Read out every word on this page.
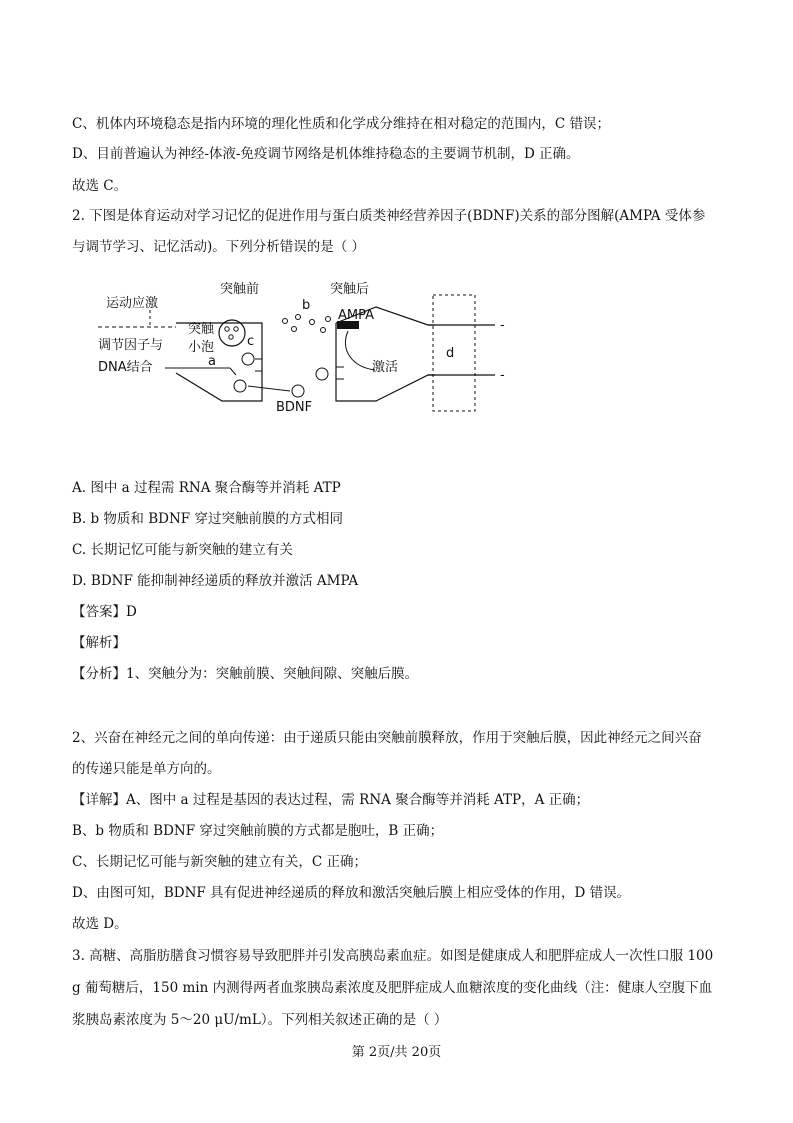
C、机体内环境稳态是指内环境的理化性质和化学成分维持在相对稳定的范围内，C 错误；
D、目前普遍认为神经-体液-免疫调节网络是机体维持稳态的主要调节机制，D 正确。
故选 C。
2. 下图是体育运动对学习记忆的促进作用与蛋白质类神经营养因子(BDNF)关系的部分图解(AMPA 受体参
与调节学习、记忆活动)。下列分析错误的是（ ）
运动应激
突触前	突触后
b
突触
小泡	c
调节因子与
DNA结合	a
AMPA
激活
d
BDNF
-
-
A. 图中 a 过程需 RNA 聚合酶等并消耗 ATP
B. b 物质和 BDNF 穿过突触前膜的方式相同
C. 长期记忆可能与新突触的建立有关
D. BDNF 能抑制神经递质的释放并激活 AMPA
【答案】D
【解析】
【分析】1、突触分为：突触前膜、突触间隙、突触后膜。
2、兴奋在神经元之间的单向传递：由于递质只能由突触前膜释放，作用于突触后膜，因此神经元之间兴奋
的传递只能是单方向的。
【详解】A、图中 a 过程是基因的表达过程，需 RNA 聚合酶等并消耗 ATP，A 正确；
B、b 物质和 BDNF 穿过突触前膜的方式都是胞吐，B 正确；
C、长期记忆可能与新突触的建立有关，C 正确；
D、由图可知，BDNF 具有促进神经递质的释放和激活突触后膜上相应受体的作用，D 错误。
故选 D。
3. 高糖、高脂肪膳食习惯容易导致肥胖并引发高胰岛素血症。如图是健康成人和肥胖症成人一次性口服 100
g 葡萄糖后，150 min 内测得两者血浆胰岛素浓度及肥胖症成人血糖浓度的变化曲线（注：健康人空腹下血
浆胰岛素浓度为 5～20 μU/mL）。下列相关叙述正确的是（ ）
第 2页/共 20页
